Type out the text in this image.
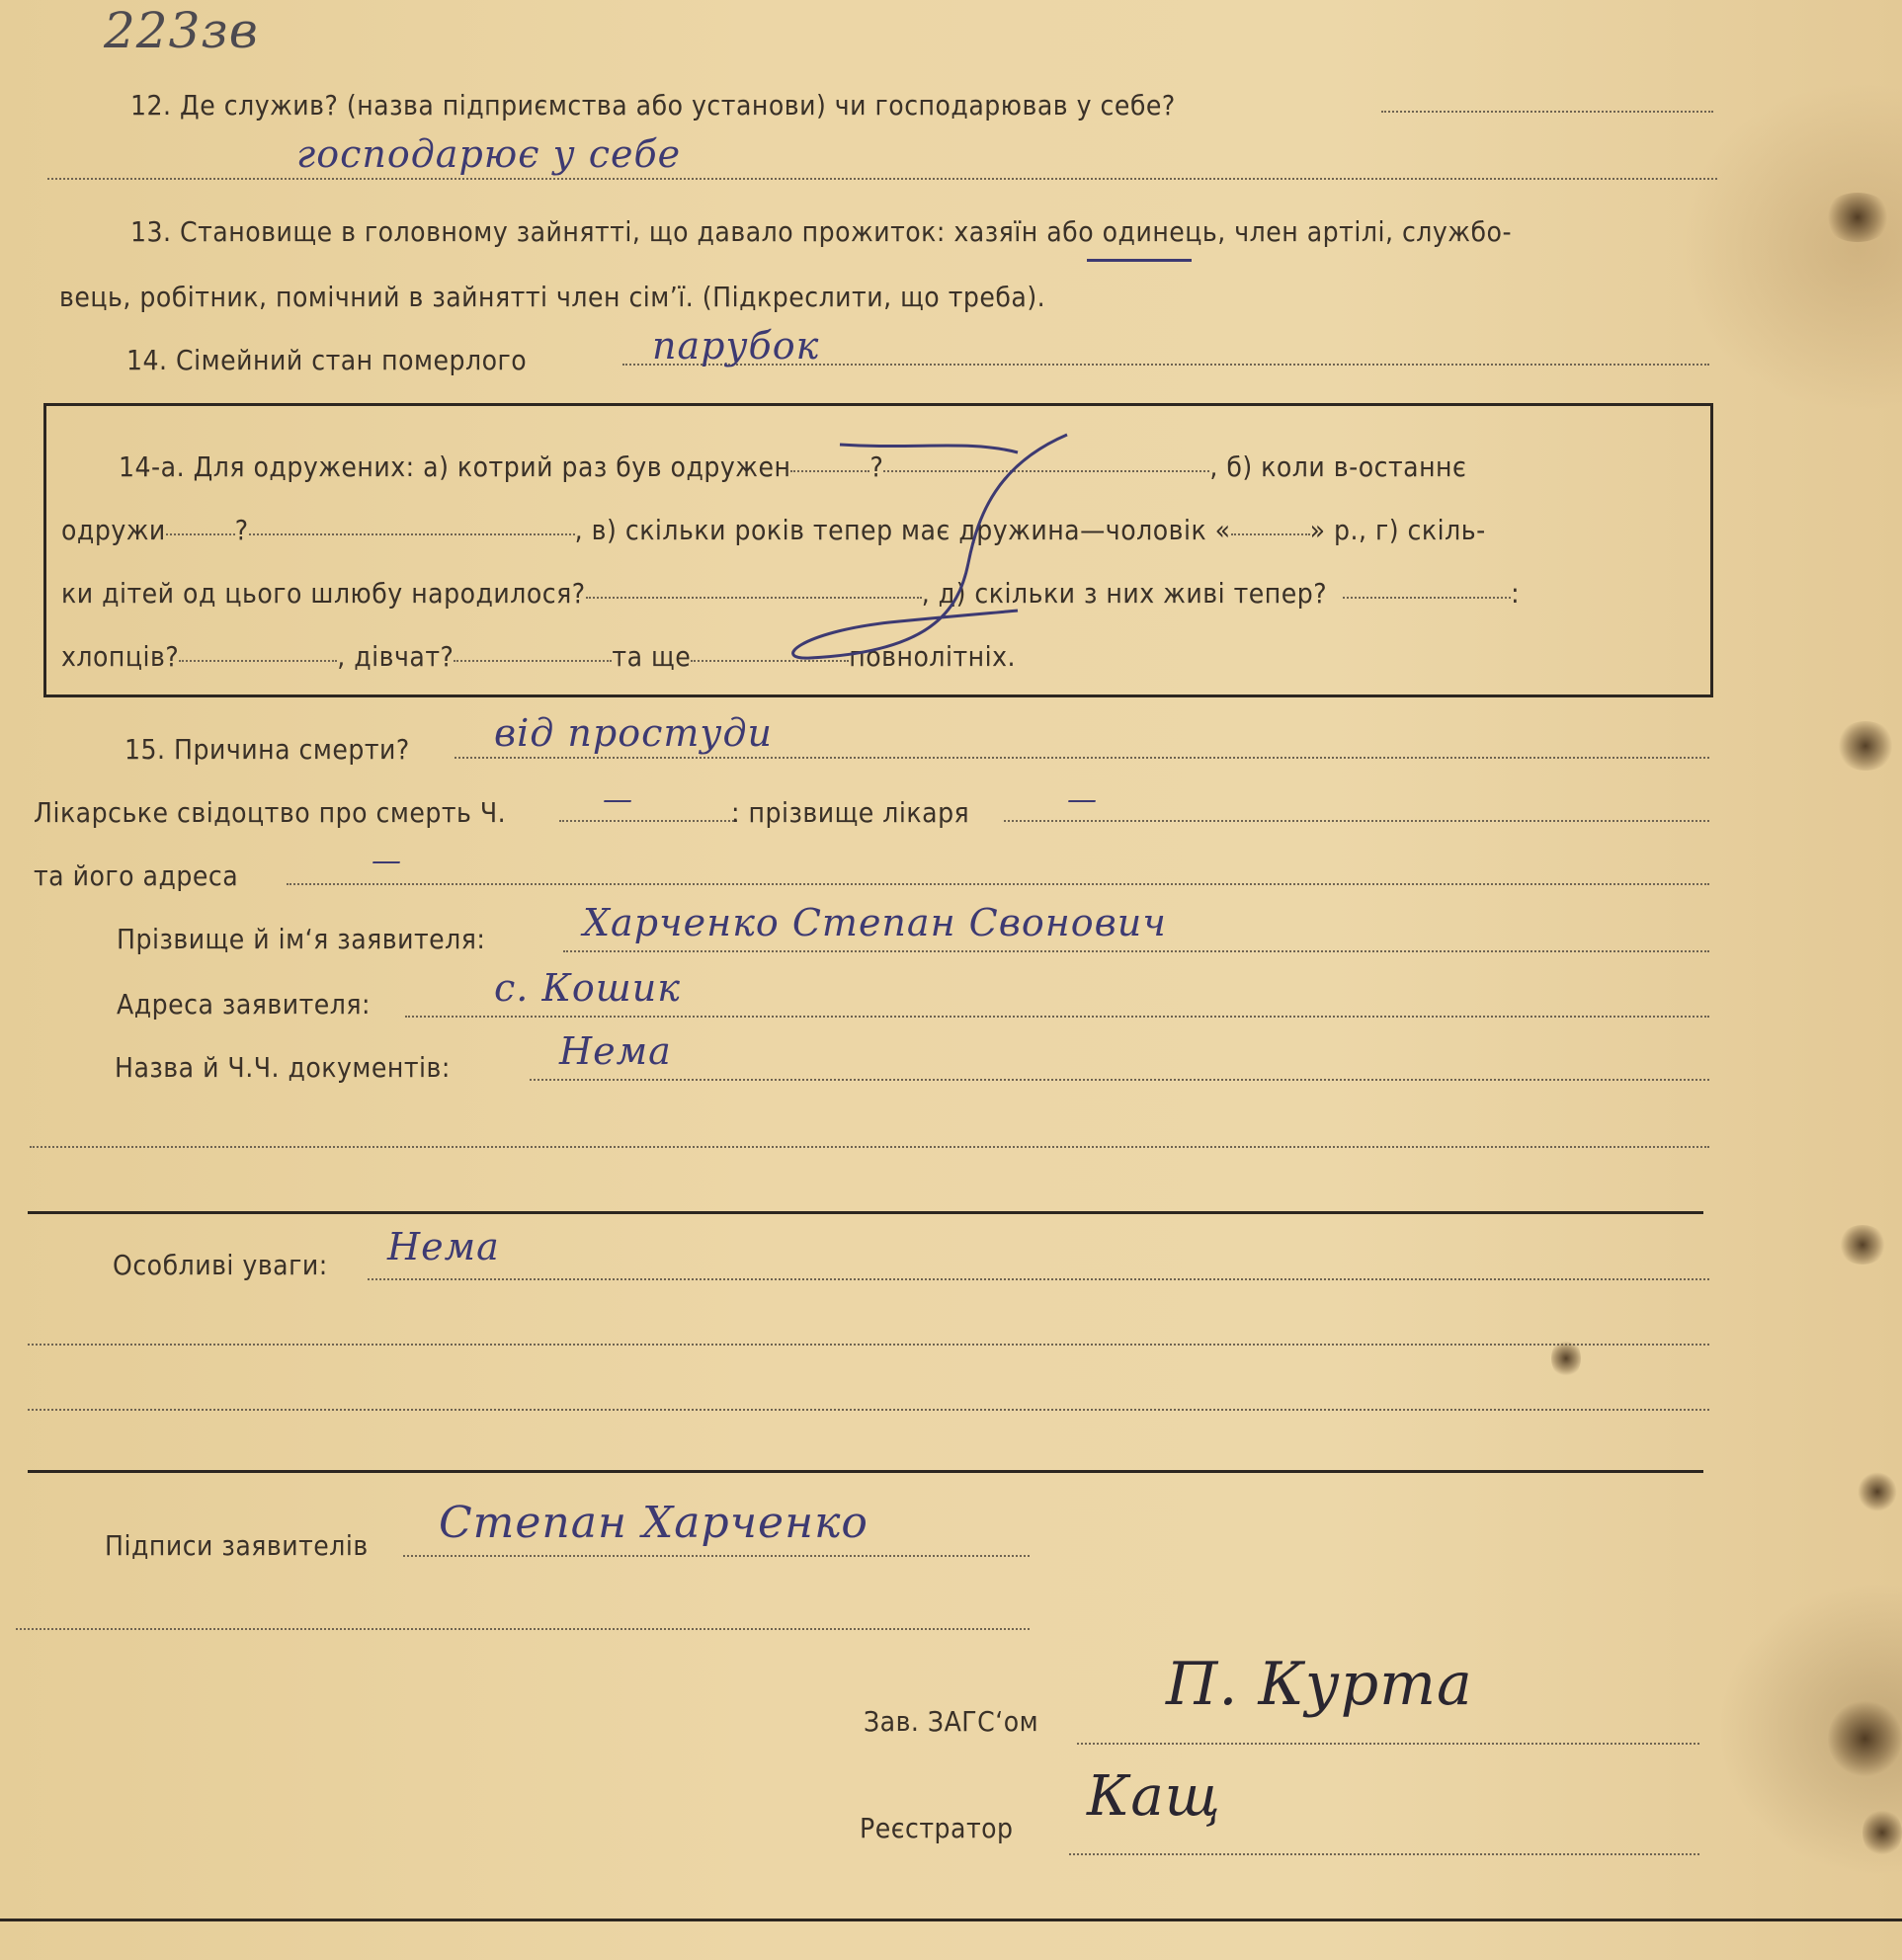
223зв
12. Де служив? (назва підприємства або установи) чи господарював у себе?
господарює у себе
13. Становище в головному зайнятті, що давало прожиток: хазяїн або одинець, член артілі, службо-
вець, робітник, помічний в зайнятті член сім’ї. (Підкреслити, що треба).
14. Сімейний стан померлого	парубок
14-а. Для одружених: а) котрий раз був одружен	?	, б) коли в-останнє
одружи	?	, в) скільки років тепер має дружина—чоловік «	» р., г) скіль-
ки дітей од цього шлюбу народилося?	, д) скільки з них живі тепер?	:
хлопців?	, дівчат?	та ще	повнолітніх.
15. Причина смерти? від простуди
Лікарське свідоцтво про смерть Ч.	—	: прізвище лікаря	—
та його адреса	—
Прізвище й ім‘я заявителя:	Харченко Степан Свонович
Адреса заявителя:	с. Кошик
Назва й Ч.Ч. документів:	Нема
Особливі уваги: Нема
Підписи заявителів Степан Харченко
Зав. ЗАГС‘ом
П. Курта
Реєстратор Кащ
